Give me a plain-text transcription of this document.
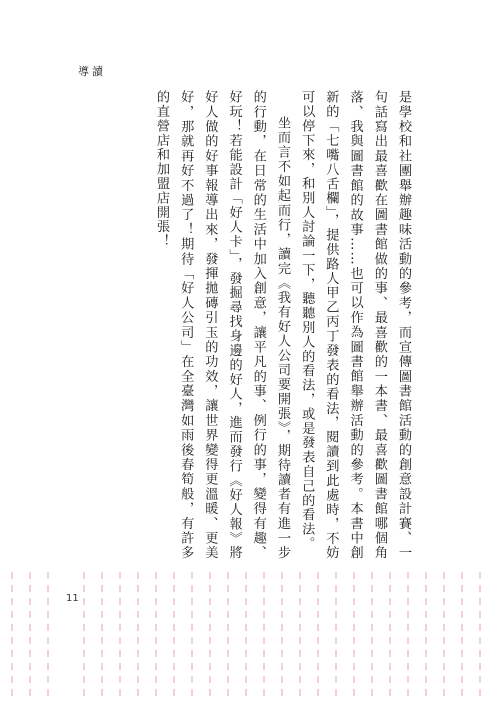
導讀

是學校和社團舉辦趣味活動的參考，而宣傳圖書館活動的創意設計賽、一句話寫出最喜歡在圖書館做的事、最喜歡的一本書、最喜歡圖書館哪個角落、我與圖書館的故事……也可以作為圖書館舉辦活動的參考。本書中創新的「七嘴八舌欄」，提供路人甲乙丙丁發表的看法，閱讀到此處時，不妨可以停下來，和別人討論一下，聽聽別人的看法，或是發表自己的看法。

坐而言不如起而行，讀完《我有好人公司要開張》，期待讀者有進一步的行動，在日常的生活中加入創意，讓平凡的事、例行的事，變得有趣、好玩！若能設計「好人卡」，發掘尋找身邊的好人，進而發行《好人報》將好人做的好事報導出來，發揮拋磚引玉的功效，讓世界變得更溫暖、更美好，那就再好不過了！期待「好人公司」在全臺灣如雨後春筍般，有許多的直營店和加盟店開張！

11
